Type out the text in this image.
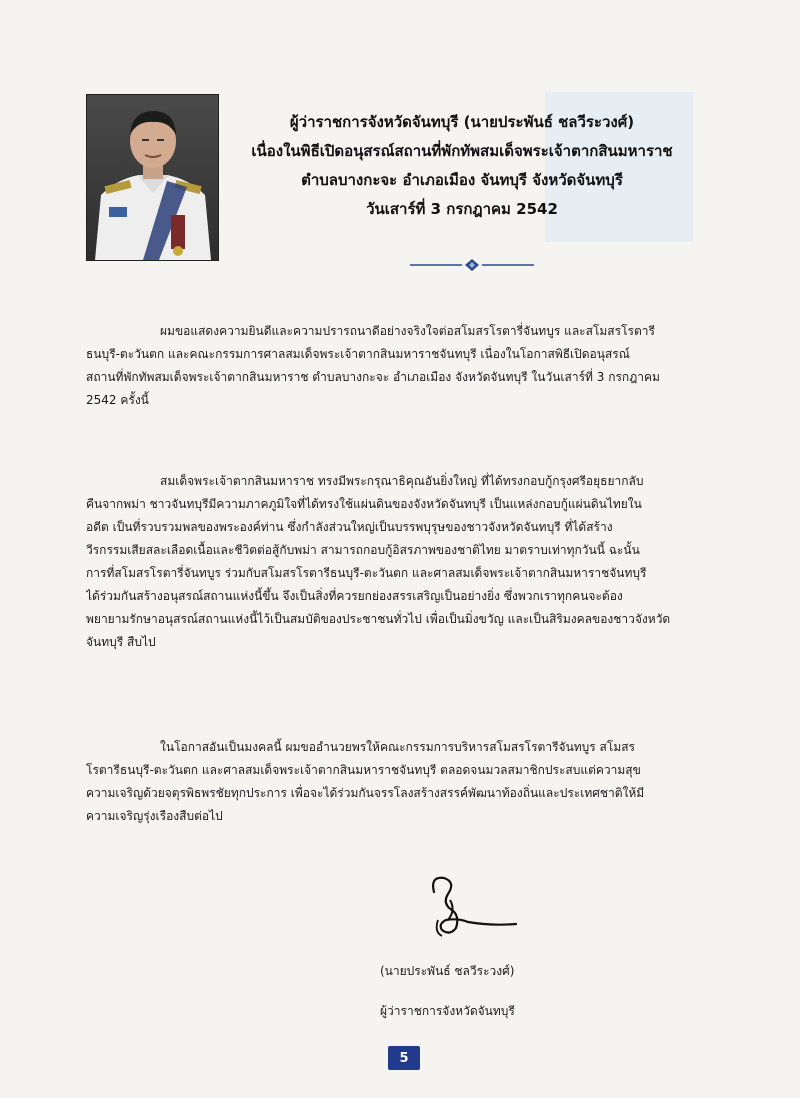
ผู้ว่าราชการจังหวัดจันทบุรี (นายประพันธ์ ชลวีระวงศ์)
เนื่องในพิธีเปิดอนุสรณ์สถานที่พักทัพสมเด็จพระเจ้าตากสินมหาราช
ตำบลบางกะจะ อำเภอเมือง จันทบุรี จังหวัดจันทบุรี
วันเสาร์ที่ 3 กรกฎาคม 2542
ผมขอแสดงความยินดีและความปรารถนาดีอย่างจริงใจต่อสโมสรโรตารี่จันทบูร และสโมสรโรตารี
ธนบุรี-ตะวันตก และคณะกรรมการศาลสมเด็จพระเจ้าตากสินมหาราชจันทบุรี เนื่องในโอกาสพิธีเปิดอนุสรณ์
สถานที่พักทัพสมเด็จพระเจ้าตากสินมหาราช ตำบลบางกะจะ อำเภอเมือง จังหวัดจันทบุรี ในวันเสาร์ที่ 3 กรกฎาคม
2542 ครั้งนี้
สมเด็จพระเจ้าตากสินมหาราช ทรงมีพระกรุณาธิคุณอันยิ่งใหญ่ ที่ได้ทรงกอบกู้กรุงศรีอยุธยากลับ
คืนจากพม่า ชาวจันทบุรีมีความภาคภูมิใจที่ได้ทรงใช้แผ่นดินของจังหวัดจันทบุรี เป็นแหล่งกอบกู้แผ่นดินไทยใน
อดีต เป็นที่รวบรวมพลของพระองค์ท่าน ซึ่งกำลังส่วนใหญ่เป็นบรรพบุรุษของชาวจังหวัดจันทบุรี ที่ได้สร้าง
วีรกรรมเสียสละเลือดเนื้อและชีวิตต่อสู้กับพม่า สามารถกอบกู้อิสรภาพของชาติไทย มาตราบเท่าทุกวันนี้ ฉะนั้น
การที่สโมสรโรตารี่จันทบูร ร่วมกับสโมสรโรตารีธนบุรี-ตะวันตก และศาลสมเด็จพระเจ้าตากสินมหาราชจันทบุรี
ได้ร่วมกันสร้างอนุสรณ์สถานแห่งนี้ขึ้น จึงเป็นสิ่งที่ควรยกย่องสรรเสริญเป็นอย่างยิ่ง ซึ่งพวกเราทุกคนจะต้อง
พยายามรักษาอนุสรณ์สถานแห่งนี้ไว้เป็นสมบัติของประชาชนทั่วไป เพื่อเป็นมิ่งขวัญ และเป็นสิริมงคลของชาวจังหวัด
จันทบุรี สืบไป
ในโอกาสอันเป็นมงคลนี้ ผมขออำนวยพรให้คณะกรรมการบริหารสโมสรโรตารีจันทบูร สโมสร
โรตารีธนบุรี-ตะวันตก และศาลสมเด็จพระเจ้าตากสินมหาราชจันทบุรี ตลอดจนมวลสมาชิกประสบแต่ความสุข
ความเจริญด้วยจตุรพิธพรชัยทุกประการ เพื่อจะได้ร่วมกันจรรโลงสร้างสรรค์พัฒนาท้องถิ่นและประเทศชาติให้มี
ความเจริญรุ่งเรืองสืบต่อไป
(นายประพันธ์ ชลวีระวงศ์)
ผู้ว่าราชการจังหวัดจันทบุรี
5
